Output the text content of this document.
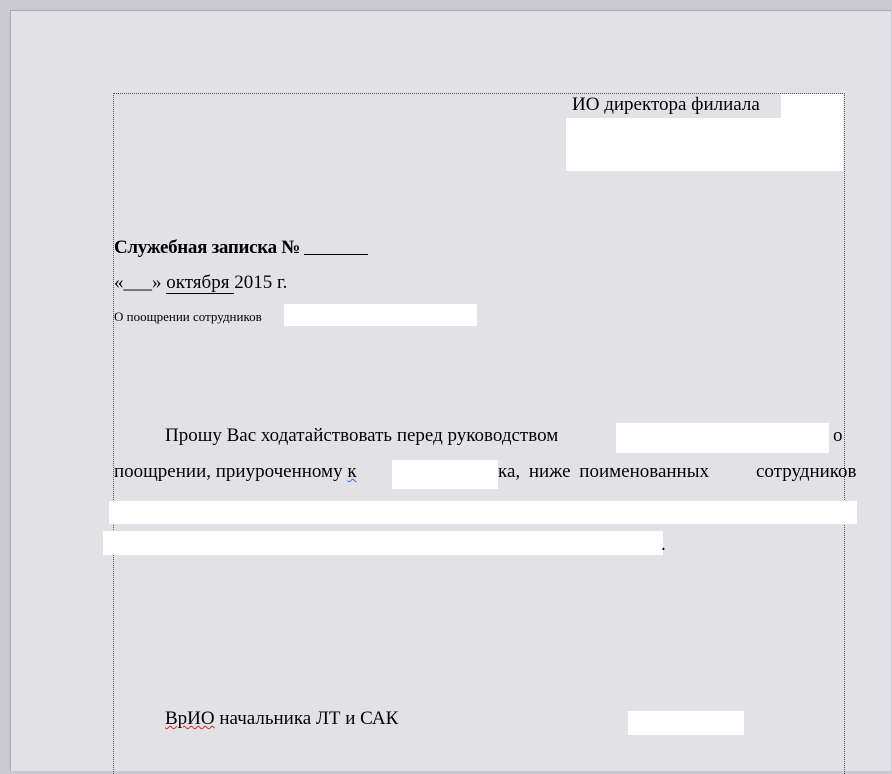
ИО директора филиала
Служебная записка №
«___» октября 2015 г.
О поощрении сотрудников
Прошу Вас ходатайствовать перед руководством	о
поощрении, приуроченному к	ка, ниже поименованных сотрудников
.
ВрИО начальника ЛТ и САК
